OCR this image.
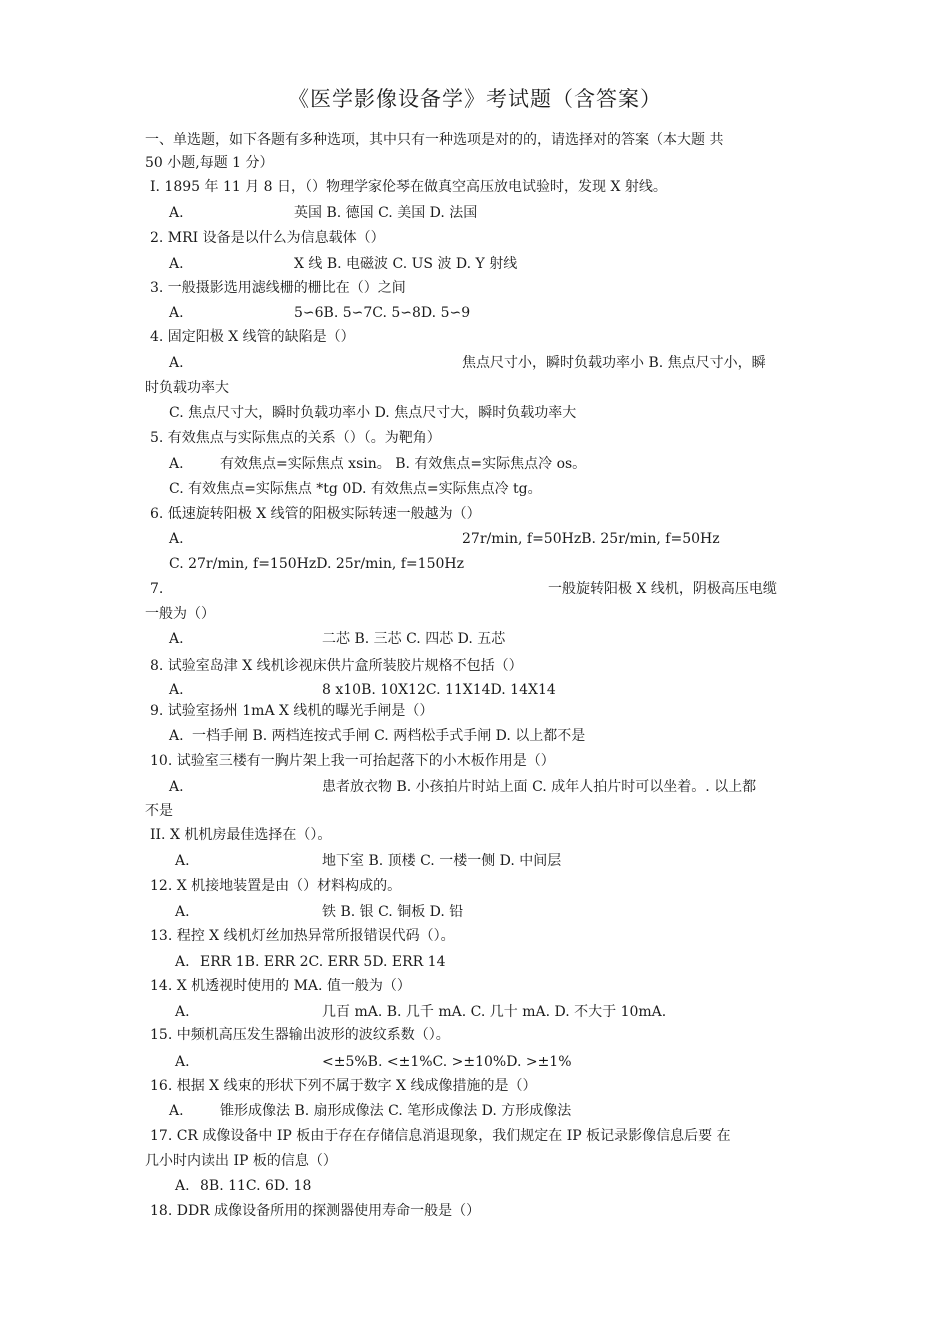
《医学影像设备学》考试题（含答案）
一、单选题，如下各题有多种选项，其中只有一种选项是对的的，请选择对的答案（本大题 共
50 小题,每题 1 分）
I. 1895 年 11 月 8 日，（）物理学家伦琴在做真空高压放电试验时，发现 X 射线。
A.	英国 B. 德国 C. 美国 D. 法国
2. MRI 设备是以什么为信息载体（）
A.	X 线 B. 电磁波 C. US 波 D. Y 射线
3. 一般摄影选用滤线栅的栅比在（）之间
A.	5∽6B. 5∽7C. 5∽8D. 5∽9
4. 固定阳极 X 线管的缺陷是（）
A.	焦点尺寸小，瞬时负载功率小 B. 焦点尺寸小，瞬
时负载功率大
C. 焦点尺寸大，瞬时负载功率小 D. 焦点尺寸大，瞬时负载功率大
5. 有效焦点与实际焦点的关系（）（。为靶角）
A.	有效焦点=实际焦点 xsin。 B. 有效焦点=实际焦点冷 os。
C. 有效焦点=实际焦点 *tg 0D. 有效焦点=实际焦点冷 tg。
6. 低速旋转阳极 X 线管的阳极实际转速一般越为（）
A.	27r/min, f=50HzB. 25r/min, f=50Hz
C. 27r/min, f=150HzD. 25r/min, f=150Hz
7.	一般旋转阳极 X 线机，阴极高压电缆
一般为（）
A.	二芯 B. 三芯 C. 四芯 D. 五芯
8. 试验室岛津 X 线机诊视床供片盒所装胶片规格不包括（）
A.	8 x10B. 10X12C. 11X14D. 14X14
9. 试验室扬州 1mA X 线机的曝光手闸是（）
A. 一档手闸 B. 两档连按式手闸 C. 两档松手式手闸 D. 以上都不是
10. 试验室三楼有一胸片架上我一可抬起落下的小木板作用是（）
A.	患者放衣物 B. 小孩拍片时站上面 C. 成年人拍片时可以坐着。. 以上都
不是
II. X 机机房最佳选择在（）。
A.	地下室 B. 顶楼 C. 一楼一侧 D. 中间层
12. X 机接地装置是由（）材料构成的。
A.	铁 B. 银 C. 铜板 D. 铅
13. 程控 X 线机灯丝加热异常所报错误代码（）。
A. ERR 1B. ERR 2C. ERR 5D. ERR 14
14. X 机透视时使用的 MA. 值一般为（）
A.	几百 mA. B. 几千 mA. C. 几十 mA. D. 不大于 10mA.
15. 中频机高压发生器输出波形的波纹系数（）。
A.	<±5%B. <±1%C. >±10%D. >±1%
16. 根据 X 线束的形状下列不属于数字 X 线成像措施的是（）
A.	锥形成像法 B. 扇形成像法 C. 笔形成像法 D. 方形成像法
17. CR 成像设备中 IP 板由于存在存储信息消退现象，我们规定在 IP 板记录影像信息后要 在
几小时内读出 IP 板的信息（）
A. 8B. 11C. 6D. 18
18. DDR 成像设备所用的探测器使用寿命一般是（）
